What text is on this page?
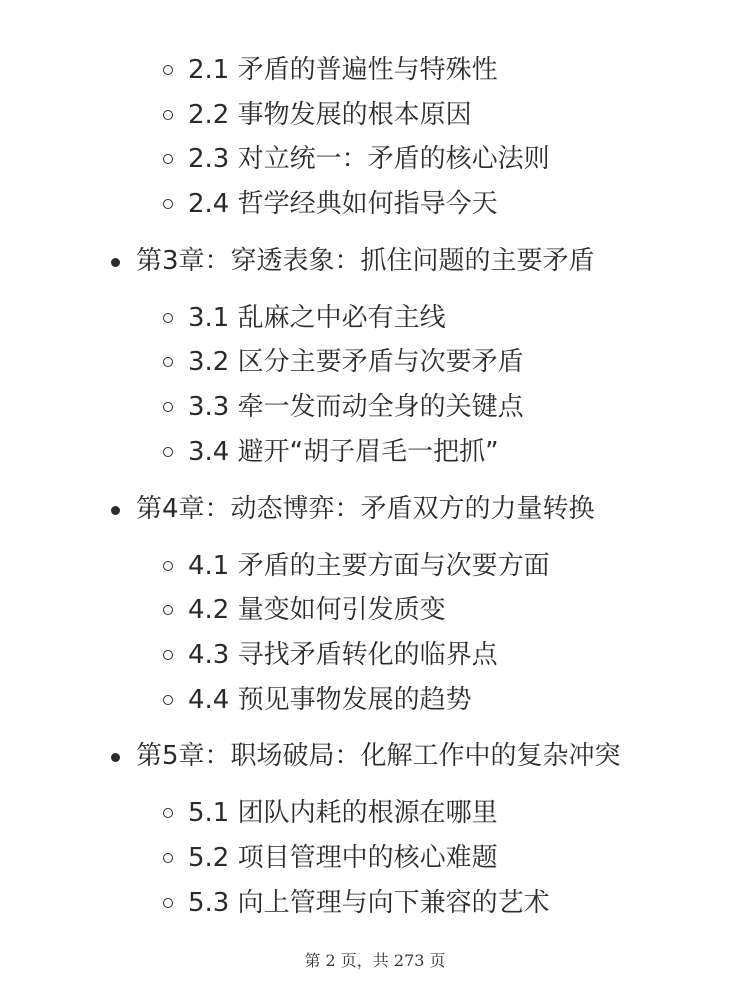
2.1 矛盾的普遍性与特殊性
2.2 事物发展的根本原因
2.3 对立统一：矛盾的核心法则
2.4 哲学经典如何指导今天
第3章：穿透表象：抓住问题的主要矛盾
3.1 乱麻之中必有主线
3.2 区分主要矛盾与次要矛盾
3.3 牵一发而动全身的关键点
3.4 避开“胡子眉毛一把抓”
第4章：动态博弈：矛盾双方的力量转换
4.1 矛盾的主要方面与次要方面
4.2 量变如何引发质变
4.3 寻找矛盾转化的临界点
4.4 预见事物发展的趋势
第5章：职场破局：化解工作中的复杂冲突
5.1 团队内耗的根源在哪里
5.2 项目管理中的核心难题
5.3 向上管理与向下兼容的艺术
第 2 页，共 273 页
